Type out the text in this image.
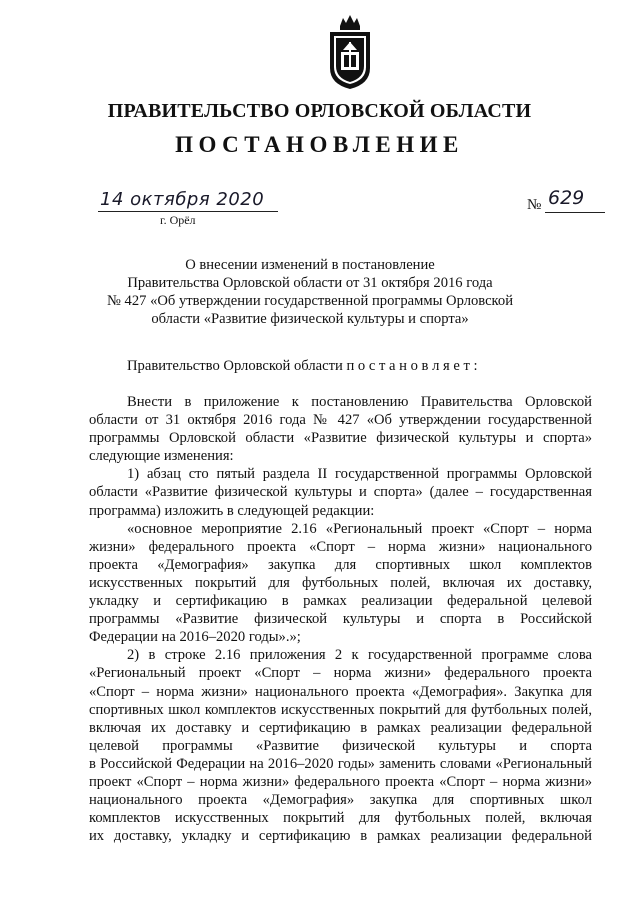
ПРАВИТЕЛЬСТВО ОРЛОВСКОЙ ОБЛАСТИ
ПОСТАНОВЛЕНИЕ
14 октября 2020
г. Орёл
№ 629
О внесении изменений в постановление
Правительства Орловской области от 31 октября 2016 года
№ 427 «Об утверждении государственной программы Орловской
области «Развитие физической культуры и спорта»
Правительство Орловской области п о с т а н о в л я е т :
Внести в приложение к постановлению Правительства Орловской
области от 31 октября 2016 года № 427 «Об утверждении государственной
программы Орловской области «Развитие физической культуры и спорта»
следующие изменения:
1) абзац сто пятый раздела II государственной программы Орловской
области «Развитие физической культуры и спорта» (далее – государственная
программа) изложить в следующей редакции:
«основное мероприятие 2.16 «Региональный проект «Спорт – норма
жизни» федерального проекта «Спорт – норма жизни» национального
проекта «Демография» закупка для спортивных школ комплектов
искусственных покрытий для футбольных полей, включая их доставку,
укладку и сертификацию в рамках реализации федеральной целевой
программы «Развитие физической культуры и спорта в Российской
Федерации на 2016–2020 годы».»;
2) в строке 2.16 приложения 2 к государственной программе слова
«Региональный проект «Спорт – норма жизни» федерального проекта
«Спорт – норма жизни» национального проекта «Демография». Закупка для
спортивных школ комплектов искусственных покрытий для футбольных полей,
включая их доставку и сертификацию в рамках реализации федеральной
целевой программы «Развитие физической культуры и спорта
в Российской Федерации на 2016–2020 годы» заменить словами «Региональный
проект «Спорт – норма жизни» федерального проекта «Спорт – норма жизни»
национального проекта «Демография» закупка для спортивных школ
комплектов искусственных покрытий для футбольных полей, включая
их доставку, укладку и сертификацию в рамках реализации федеральной
